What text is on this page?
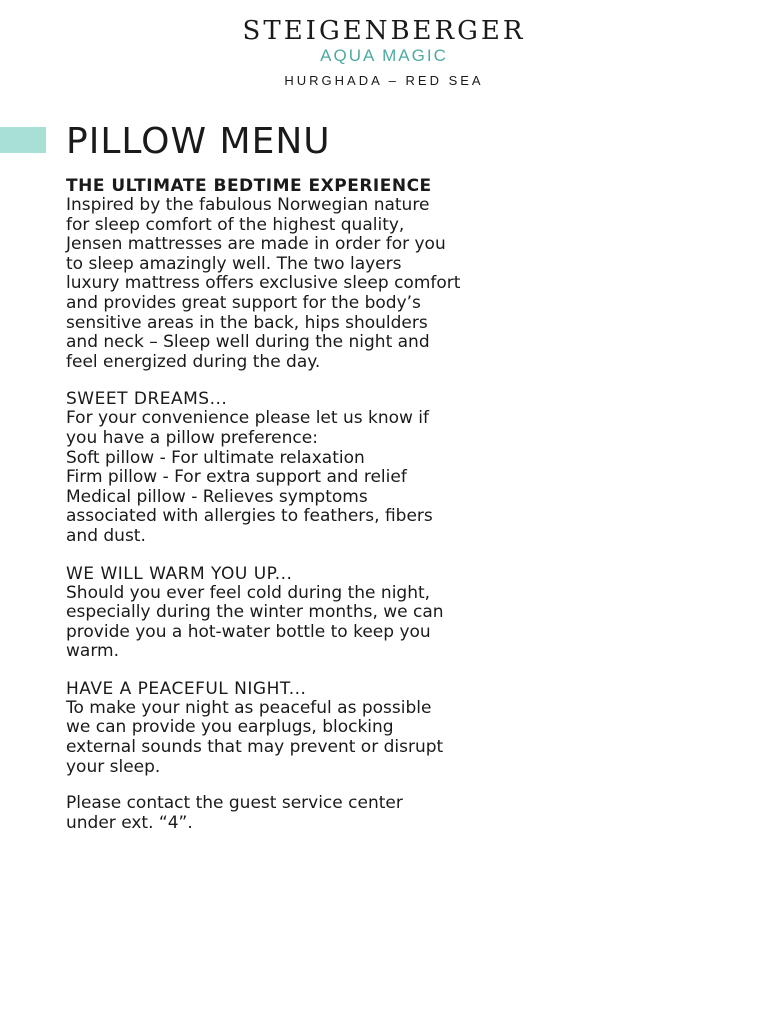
STEIGENBERGER
AQUA MAGIC
HURGHADA – RED SEA
PILLOW MENU
THE ULTIMATE BEDTIME EXPERIENCE
Inspired by the fabulous Norwegian nature
for sleep comfort of the highest quality,
Jensen mattresses are made in order for you
to sleep amazingly well. The two layers
luxury mattress offers exclusive sleep comfort
and provides great support for the body’s
sensitive areas in the back, hips shoulders
and neck – Sleep well during the night and
feel energized during the day.
SWEET DREAMS...
For your convenience please let us know if
you have a pillow preference:
Soft pillow - For ultimate relaxation
Firm pillow - For extra support and relief
Medical pillow - Relieves symptoms
associated with allergies to feathers, fibers
and dust.
WE WILL WARM YOU UP...
Should you ever feel cold during the night,
especially during the winter months, we can
provide you a hot-water bottle to keep you
warm.
HAVE A PEACEFUL NIGHT...
To make your night as peaceful as possible
we can provide you earplugs, blocking
external sounds that may prevent or disrupt
your sleep.
Please contact the guest service center
under ext. “4”.
